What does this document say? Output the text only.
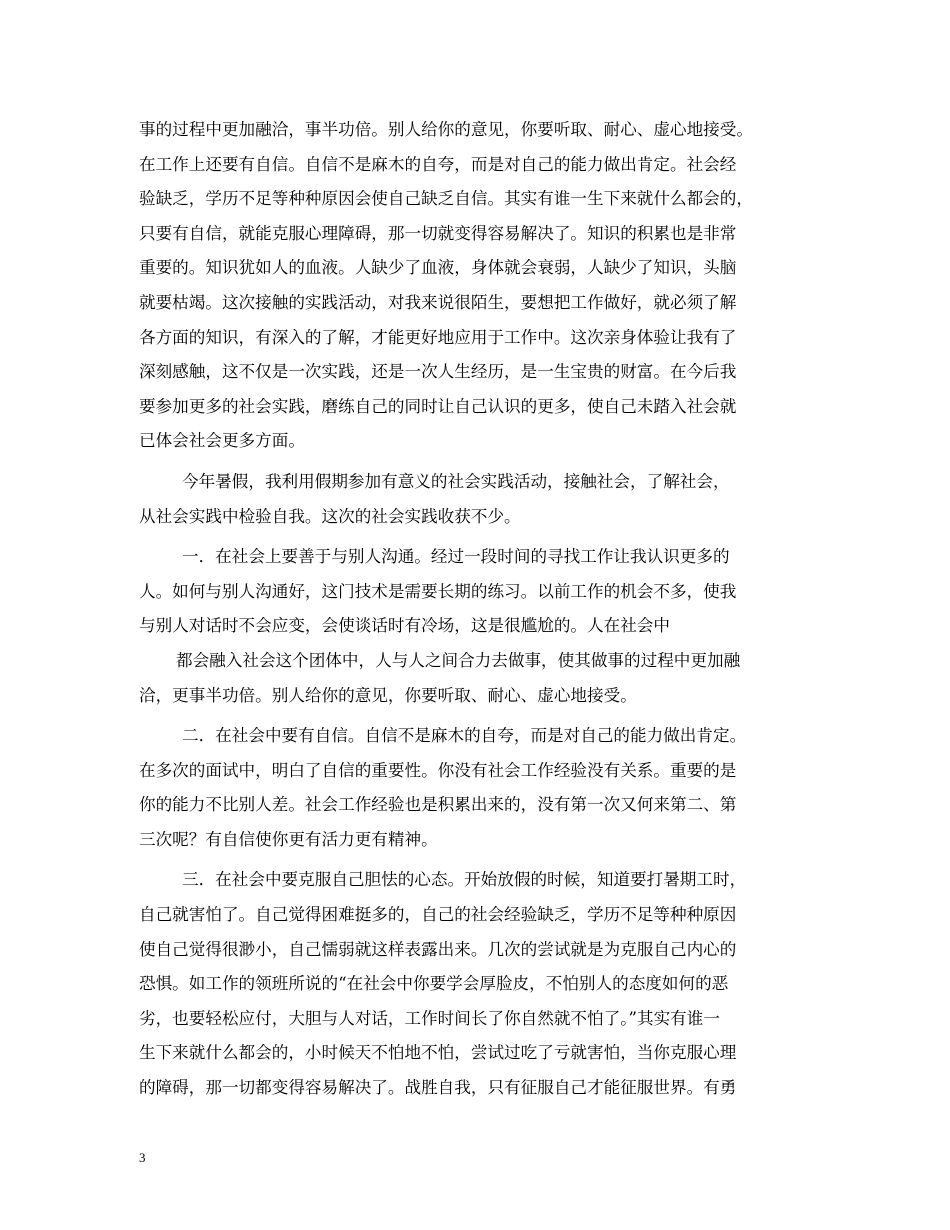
事的过程中更加融洽，事半功倍。别人给你的意见，你要听取、耐心、虚心地接受。
在工作上还要有自信。自信不是麻木的自夸，而是对自己的能力做出肯定。社会经
验缺乏，学历不足等种种原因会使自己缺乏自信。其实有谁一生下来就什么都会的，
只要有自信，就能克服心理障碍，那一切就变得容易解决了。知识的积累也是非常
重要的。知识犹如人的血液。人缺少了血液，身体就会衰弱，人缺少了知识，头脑
就要枯竭。这次接触的实践活动，对我来说很陌生，要想把工作做好，就必须了解
各方面的知识，有深入的了解，才能更好地应用于工作中。这次亲身体验让我有了
深刻感触，这不仅是一次实践，还是一次人生经历，是一生宝贵的财富。在今后我
要参加更多的社会实践，磨练自己的同时让自己认识的更多，使自己未踏入社会就
已体会社会更多方面。
今年暑假，我利用假期参加有意义的社会实践活动，接触社会，了解社会，
从社会实践中检验自我。这次的社会实践收获不少。
一．在社会上要善于与别人沟通。经过一段时间的寻找工作让我认识更多的
人。如何与别人沟通好，这门技术是需要长期的练习。以前工作的机会不多，使我
与别人对话时不会应变，会使谈话时有冷场，这是很尴尬的。人在社会中
都会融入社会这个团体中，人与人之间合力去做事，使其做事的过程中更加融
洽，更事半功倍。别人给你的意见，你要听取、耐心、虚心地接受。
二．在社会中要有自信。自信不是麻木的自夸，而是对自己的能力做出肯定。
在多次的面试中，明白了自信的重要性。你没有社会工作经验没有关系。重要的是
你的能力不比别人差。社会工作经验也是积累出来的，没有第一次又何来第二、第
三次呢？有自信使你更有活力更有精神。
三．在社会中要克服自己胆怯的心态。开始放假的时候，知道要打暑期工时，
自己就害怕了。自己觉得困难挺多的，自己的社会经验缺乏，学历不足等种种原因
使自己觉得很渺小，自己懦弱就这样表露出来。几次的尝试就是为克服自己内心的
恐惧。如工作的领班所说的“在社会中你要学会厚脸皮，不怕别人的态度如何的恶
劣，也要轻松应付，大胆与人对话，工作时间长了你自然就不怕了。”其实有谁一
生下来就什么都会的，小时候天不怕地不怕，尝试过吃了亏就害怕，当你克服心理
的障碍，那一切都变得容易解决了。战胜自我，只有征服自己才能征服世界。有勇
3
